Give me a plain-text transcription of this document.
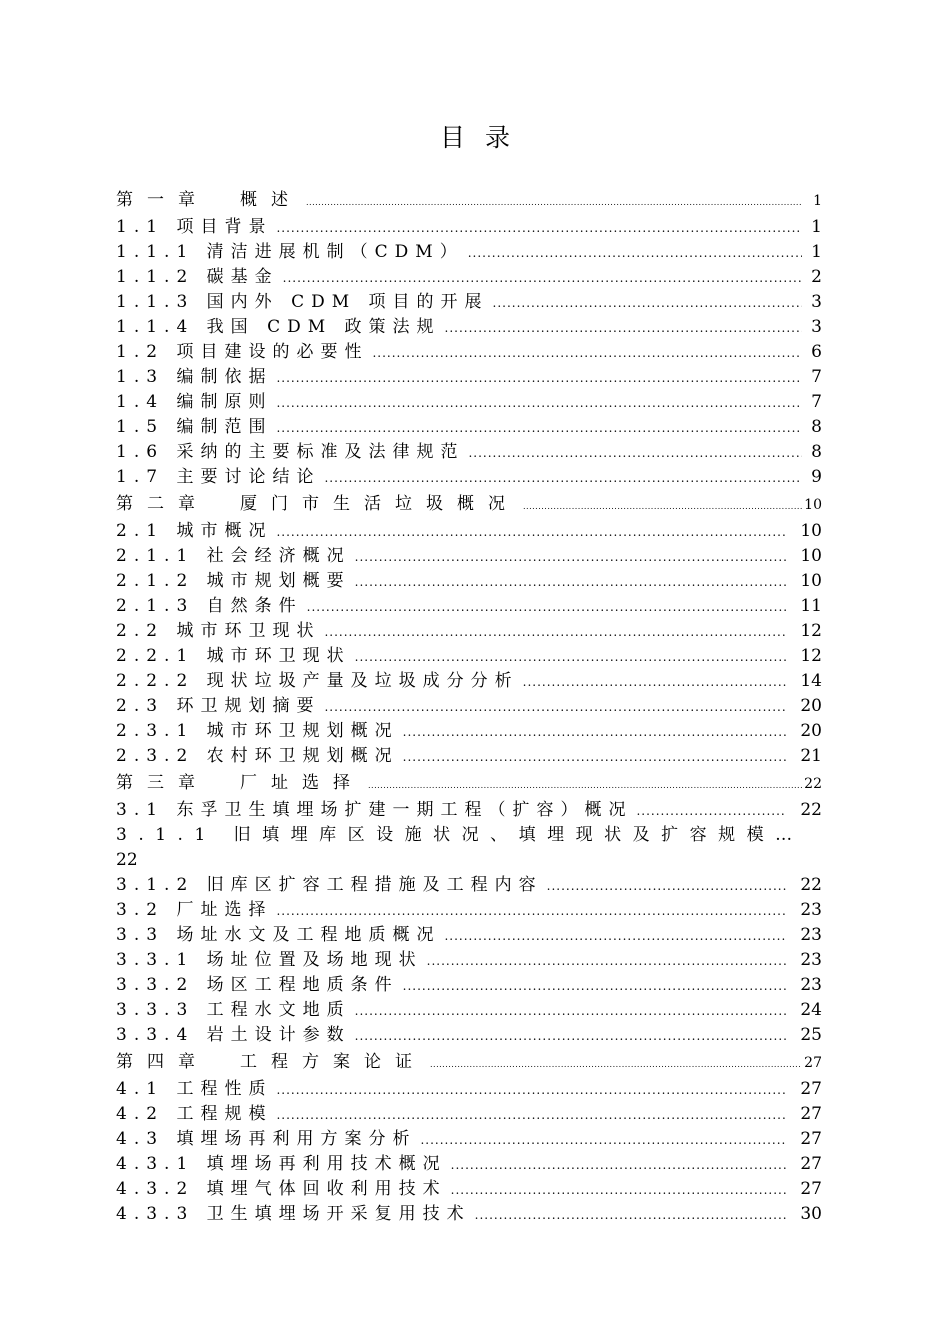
目录
第一章　概述 .....	1
1.1 项目背景 .....	1
1.1.1 清洁进展机制（CDM） .....	1
1.1.2 碳基金 .....	2
1.1.3 国内外 CDM 项目的开展 .....	3
1.1.4 我国 CDM 政策法规 .....	3
1.2 项目建设的必要性 .....	6
1.3 编制依据 .....	7
1.4 编制原则 .....	7
1.5 编制范围 .....	8
1.6 采纳的主要标准及法律规范 .....	8
1.7 主要讨论结论 .....	9
第二章　厦门市生活垃圾概况 .....	10
2.1 城市概况 .....	10
2.1.1 社会经济概况 .....	10
2.1.2 城市规划概要 .....	10
2.1.3 自然条件 .....	11
2.2 城市环卫现状 .....	12
2.2.1 城市环卫现状 .....	12
2.2.2 现状垃圾产量及垃圾成分分析 .....	14
2.3 环卫规划摘要 .....	20
2.3.1 城市环卫规划概况 .....	20
2.3.2 农村环卫规划概况 .....	21
第三章　厂址选择 .....	22
3.1 东孚卫生填埋场扩建一期工程（扩容）概况 .....	22
3.1.1 旧填埋库区设施状况、填埋现状及扩容规模…
22
3.1.2 旧库区扩容工程措施及工程内容 .....	22
3.2 厂址选择 .....	23
3.3 场址水文及工程地质概况 .....	23
3.3.1 场址位置及场地现状 .....	23
3.3.2 场区工程地质条件 .....	23
3.3.3 工程水文地质 .....	24
3.3.4 岩土设计参数 .....	25
第四章　工程方案论证 .....	27
4.1 工程性质 .....	27
4.2 工程规模 .....	27
4.3 填埋场再利用方案分析 .....	27
4.3.1 填埋场再利用技术概况 .....	27
4.3.2 填埋气体回收利用技术 .....	27
4.3.3 卫生填埋场开采复用技术 .....	30
